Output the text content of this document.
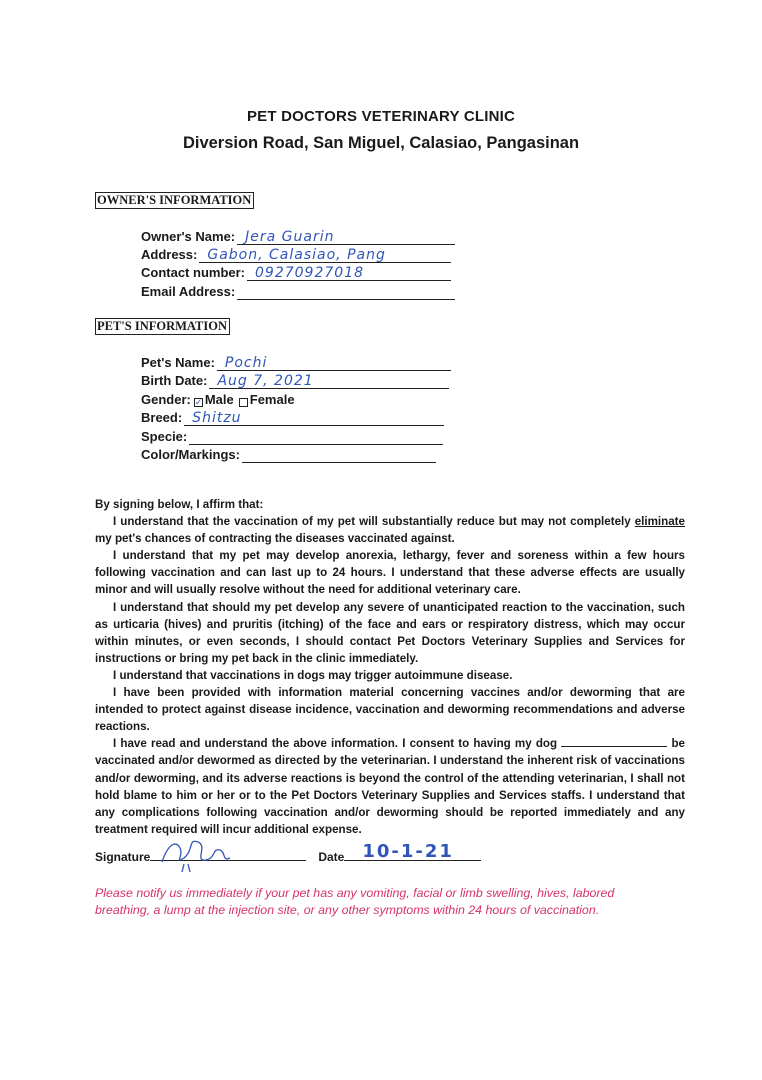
PET DOCTORS VETERINARY CLINIC
Diversion Road, San Miguel, Calasiao, Pangasinan
OWNER'S INFORMATION
Owner's Name: Jera Guarin
Address: Gabon, Calasiao, Pang
Contact number: 09270927018
Email Address:
PET'S INFORMATION
Pet's Name: Pochi
Birth Date: Aug 7, 2021
Gender: ✓ Male Female
Breed: Shitzu
Specie:
Color/Markings:

By signing below, I affirm that:

I understand that the vaccination of my pet will substantially reduce but may not completely eliminate my pet's chances of contracting the diseases vaccinated against.

I understand that my pet may develop anorexia, lethargy, fever and soreness within a few hours following vaccination and can last up to 24 hours. I understand that these adverse effects are usually minor and will usually resolve without the need for additional veterinary care.

I understand that should my pet develop any severe of unanticipated reaction to the vaccination, such as urticaria (hives) and pruritis (itching) of the face and ears or respiratory distress, which may occur within minutes, or even seconds, I should contact Pet Doctors Veterinary Supplies and Services for instructions or bring my pet back in the clinic immediately.

I understand that vaccinations in dogs may trigger autoimmune disease.

I have been provided with information material concerning vaccines and/or deworming that are intended to protect against disease incidence, vaccination and deworming recommendations and adverse reactions.

I have read and understand the above information. I consent to having my dog	be vaccinated and/or dewormed as directed by the veterinarian. I understand the inherent risk of vaccinations and/or deworming, and its adverse reactions is beyond the control of the attending veterinarian, I shall not hold blame to him or her or to the Pet Doctors Veterinary Supplies and Services staffs. I understand that any complications following vaccination and/or deworming should be reported immediately and any treatment required will incur additional expense.

Signature	Date 10-1-21
Please notify us immediately if your pet has any vomiting, facial or limb swelling, hives, labored breathing, a lump at the injection site, or any other symptoms within 24 hours of vaccination.
